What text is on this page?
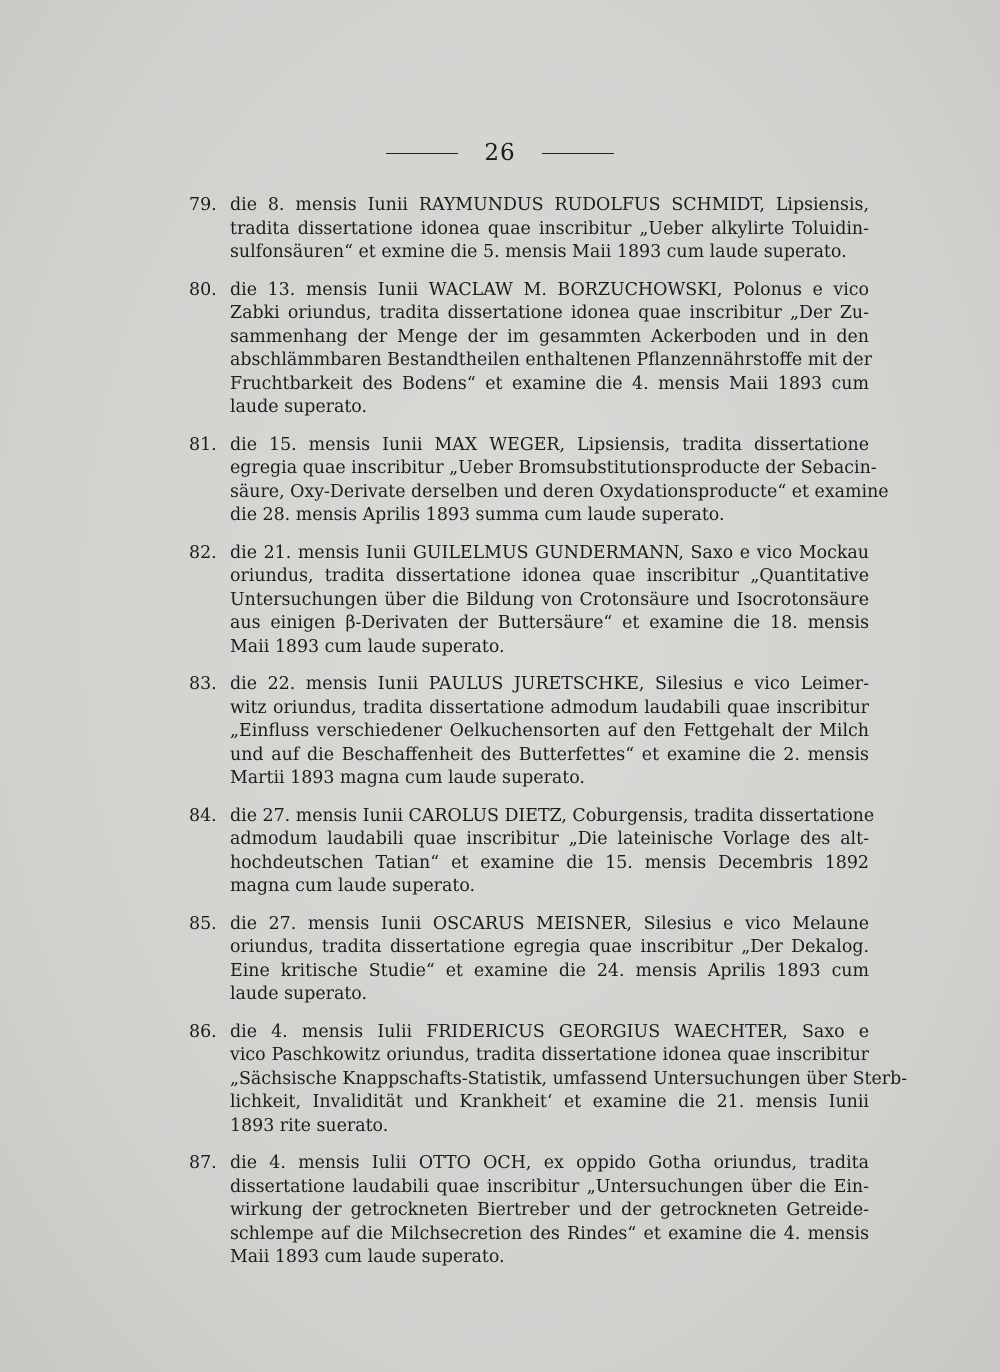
26
79. die 8. mensis Iunii RAYMUNDUS RUDOLFUS SCHMIDT, Lipsiensis,
tradita dissertatione idonea quae inscribitur „Ueber alkylirte Toluidin-
sulfonsäuren“ et exmine die 5. mensis Maii 1893 cum laude superato.
80. die 13. mensis Iunii WACLAW M. BORZUCHOWSKI, Polonus e vico
Zabki oriundus, tradita dissertatione idonea quae inscribitur „Der Zu-
sammenhang der Menge der im gesammten Ackerboden und in den
abschlämmbaren Bestandtheilen enthaltenen Pflanzennährstoffe mit der
Fruchtbarkeit des Bodens“ et examine die 4. mensis Maii 1893 cum
laude superato.
81. die 15. mensis Iunii MAX WEGER, Lipsiensis, tradita dissertatione
egregia quae inscribitur „Ueber Bromsubstitutionsproducte der Sebacin-
säure, Oxy-Derivate derselben und deren Oxydationsproducte“ et examine
die 28. mensis Aprilis 1893 summa cum laude superato.
82. die 21. mensis Iunii GUILELMUS GUNDERMANN, Saxo e vico Mockau
oriundus, tradita dissertatione idonea quae inscribitur „Quantitative
Untersuchungen über die Bildung von Crotonsäure und Isocrotonsäure
aus einigen β-Derivaten der Buttersäure“ et examine die 18. mensis
Maii 1893 cum laude superato.
83. die 22. mensis Iunii PAULUS JURETSCHKE, Silesius e vico Leimer-
witz oriundus, tradita dissertatione admodum laudabili quae inscribitur
„Einfluss verschiedener Oelkuchensorten auf den Fettgehalt der Milch
und auf die Beschaffenheit des Butterfettes“ et examine die 2. mensis
Martii 1893 magna cum laude superato.
84. die 27. mensis Iunii CAROLUS DIETZ, Coburgensis, tradita dissertatione
admodum laudabili quae inscribitur „Die lateinische Vorlage des alt-
hochdeutschen Tatian“ et examine die 15. mensis Decembris 1892
magna cum laude superato.
85. die 27. mensis Iunii OSCARUS MEISNER, Silesius e vico Melaune
oriundus, tradita dissertatione egregia quae inscribitur „Der Dekalog.
Eine kritische Studie“ et examine die 24. mensis Aprilis 1893 cum
laude superato.
86. die 4. mensis Iulii FRIDERICUS GEORGIUS WAECHTER, Saxo e
vico Paschkowitz oriundus, tradita dissertatione idonea quae inscribitur
„Sächsische Knappschafts-Statistik, umfassend Untersuchungen über Sterb-
lichkeit, Invalidität und Krankheit‘ et examine die 21. mensis Iunii
1893 rite suerato.
87. die 4. mensis Iulii OTTO OCH, ex oppido Gotha oriundus, tradita
dissertatione laudabili quae inscribitur „Untersuchungen über die Ein-
wirkung der getrockneten Biertreber und der getrockneten Getreide-
schlempe auf die Milchsecretion des Rindes“ et examine die 4. mensis
Maii 1893 cum laude superato.
